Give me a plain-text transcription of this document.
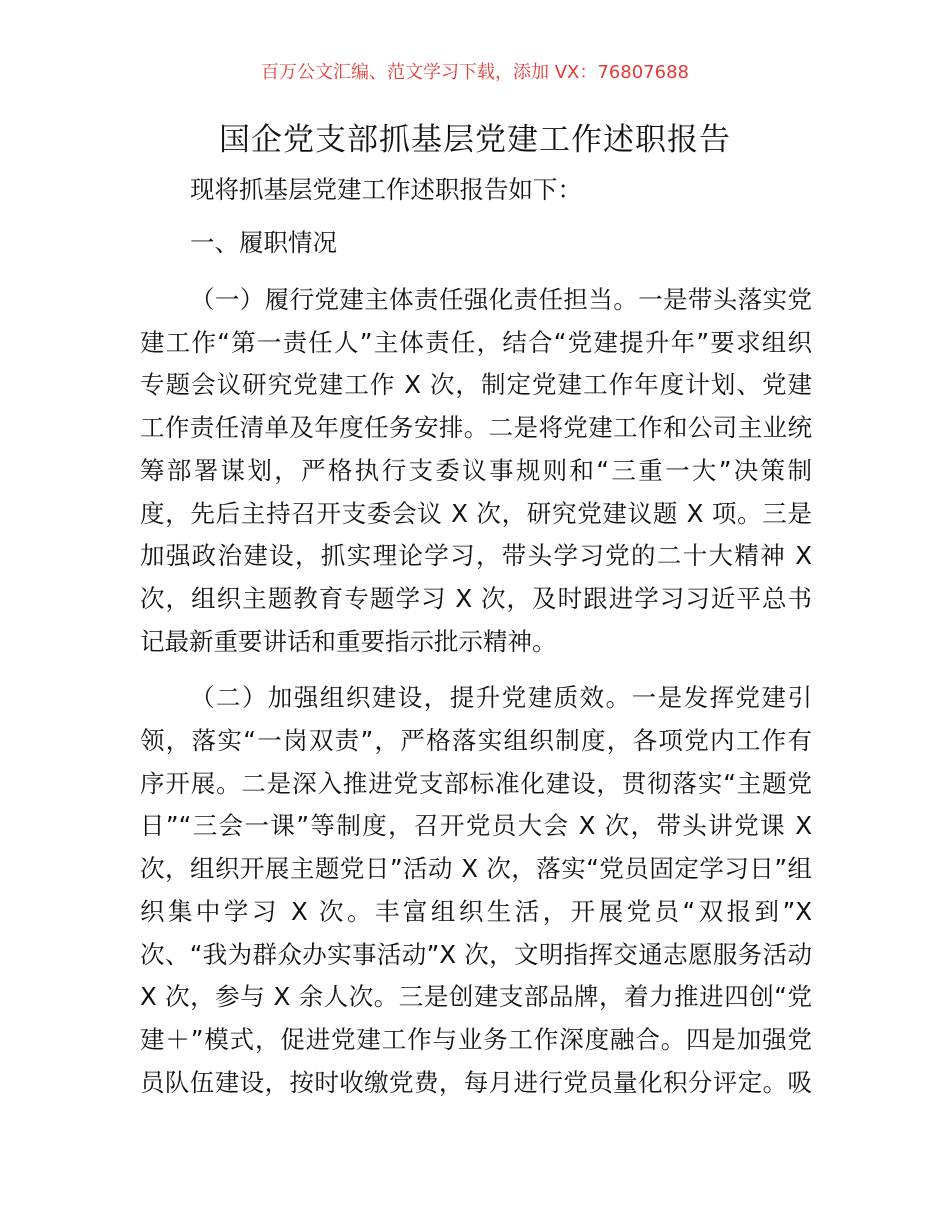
百万公文汇编、范文学习下载，添加 VX：76807688
国企党支部抓基层党建工作述职报告
现将抓基层党建工作述职报告如下：
一、履职情况
（一）履行党建主体责任强化责任担当。一是带头落实党
建工作“第一责任人”主体责任，结合“党建提升年”要求组织
专题会议研究党建工作 X 次，制定党建工作年度计划、党建
工作责任清单及年度任务安排。二是将党建工作和公司主业统
筹部署谋划，严格执行支委议事规则和“三重一大”决策制
度，先后主持召开支委会议 X 次，研究党建议题 X 项。三是
加强政治建设，抓实理论学习，带头学习党的二十大精神 X
次，组织主题教育专题学习 X 次，及时跟进学习习近平总书
记最新重要讲话和重要指示批示精神。
（二）加强组织建设，提升党建质效。一是发挥党建引
领，落实“一岗双责”，严格落实组织制度，各项党内工作有
序开展。二是深入推进党支部标准化建设，贯彻落实“主题党
日”“三会一课”等制度，召开党员大会 X 次，带头讲党课 X
次，组织开展主题党日”活动 X 次，落实“党员固定学习日”组
织集中学习 X 次。丰富组织生活，开展党员“双报到”X
次、“我为群众办实事活动”X 次，文明指挥交通志愿服务活动
X 次，参与 X 余人次。三是创建支部品牌，着力推进四创“党
建＋”模式，促进党建工作与业务工作深度融合。四是加强党
员队伍建设，按时收缴党费，每月进行党员量化积分评定。吸
